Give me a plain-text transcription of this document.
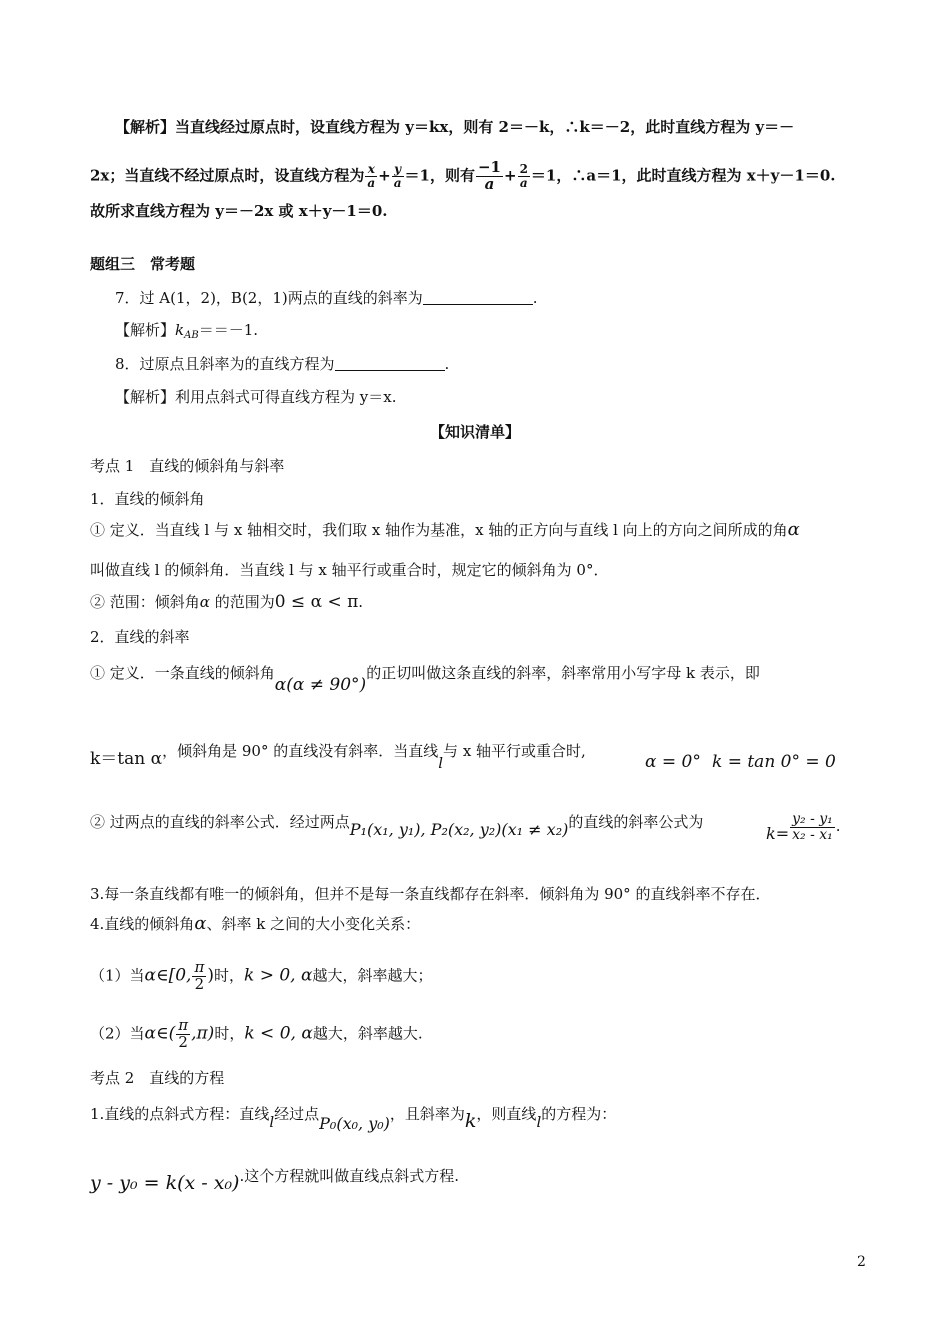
【解析】当直线经过原点时，设直线方程为 y＝kx，则有 2＝－k，∴k＝－2，此时直线方程为 y＝－
2x；当直线不经过原点时，设直线方程为 $\frac{x}{a} + \frac{y}{a} =1$，则有 $\frac{-1}{a} + \frac{2}{a} =1$，∴a＝1，此时直线方程为 x＋y－1＝0.
故所求直线方程为 y＝－2x 或 x＋y－1＝0.
题组三　常考题
7．过 A(1，2)，B(2，1)两点的直线的斜率为	.
【解析】$k_{AB}==-1$.
8．过原点且斜率为的直线方程为	.
【解析】利用点斜式可得直线方程为 y＝x.
【知识清单】
考点 1　直线的倾斜角与斜率
1．直线的倾斜角
① 定义．当直线 l 与 x 轴相交时，我们取 x 轴作为基准，x 轴的正方向与直线 l 向上的方向之间所成的角α
叫做直线 l 的倾斜角．当直线 l 与 x 轴平行或重合时，规定它的倾斜角为 0°．
② 范围：倾斜角α 的范围为0 ≤ α < π.
2．直线的斜率
① 定义．一条直线的倾斜角α(α ≠ 90°)的正切叫做这条直线的斜率，斜率常用小写字母 k 表示，即
k＝tan α，倾斜角是 90° 的直线没有斜率．当直线l与 x 轴平行或重合时,
α = 0° k = tan 0° = 0
② 过两点的直线的斜率公式．经过两点P₁(x₁, y₁), P₂(x₂, y₂)(x₁ ≠ x₂)的直线的斜率公式为
$k= \frac{\text{y₂ - y₁}}{\text{x₂ - x₁}}$ .
3.每一条直线都有唯一的倾斜角，但并不是每一条直线都存在斜率．倾斜角为 90° 的直线斜率不存在．
4.直线的倾斜角α、斜率 k 之间的大小变化关系：
（1）当α∈[0, $\frac{\pi}{2}$ )时，k > 0, α越大，斜率越大；
（2）当α∈( $\frac{\pi}{2} ,\pi$)时，k < 0, α越大，斜率越大.
考点 2　直线的方程
1.直线的点斜式方程：直线l经过点P₀(x₀, y₀)，且斜率为k，则直线l的方程为：
y - y₀ = k(x - x₀).这个方程就叫做直线点斜式方程.
2
